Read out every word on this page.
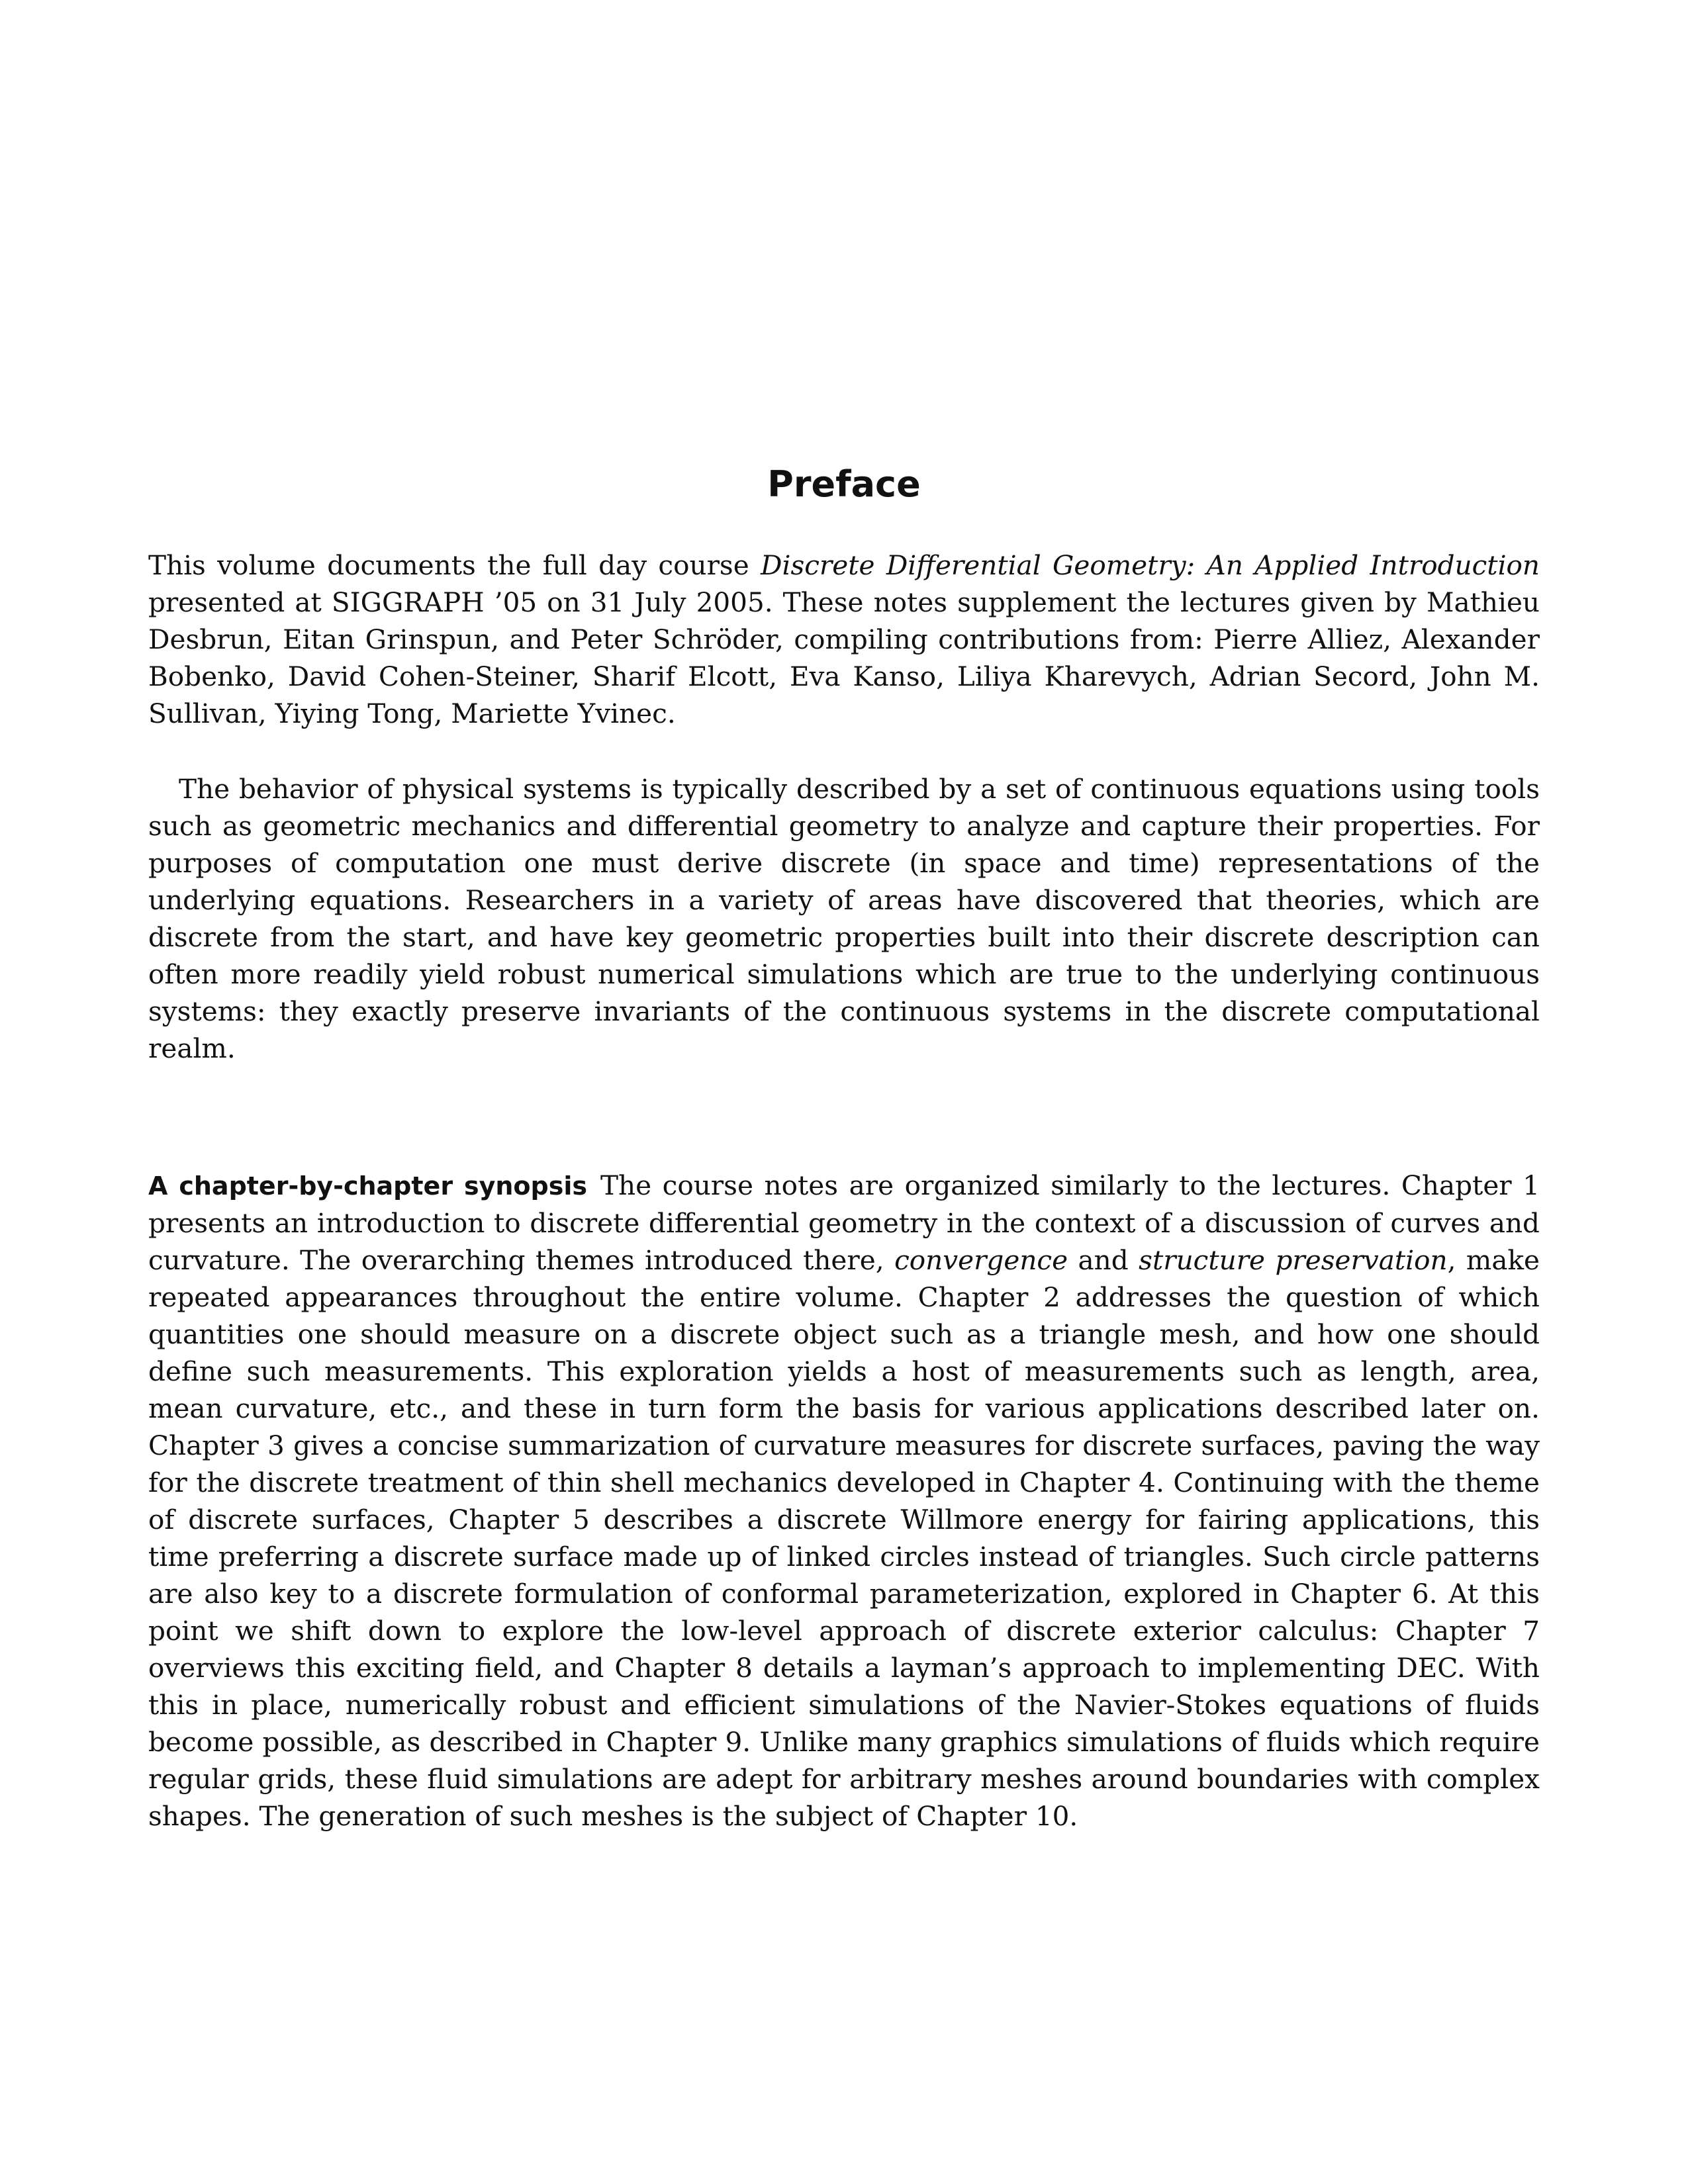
Preface

This volume documents the full day course Discrete Differential Geometry: An Applied Introduction presented at SIGGRAPH ’05 on 31 July 2005. These notes supplement the lectures given by Mathieu Desbrun, Eitan Grinspun, and Peter Schröder, compiling contributions from: Pierre Alliez, Alexander Bobenko, David Cohen-Steiner, Sharif Elcott, Eva Kanso, Liliya Kharevych, Adrian Secord, John M. Sullivan, Yiying Tong, Mariette Yvinec.

The behavior of physical systems is typically described by a set of continuous equations using tools such as geometric mechanics and differential geometry to analyze and capture their properties. For purposes of computation one must derive discrete (in space and time) representations of the underlying equations. Researchers in a variety of areas have discovered that theories, which are discrete from the start, and have key geometric properties built into their discrete description can often more readily yield robust numerical simulations which are true to the underlying continuous systems: they exactly preserve invariants of the continuous systems in the discrete computational realm.

A chapter-by-chapter synopsis The course notes are organized similarly to the lectures. Chapter 1 presents an introduction to discrete differential geometry in the context of a discussion of curves and curvature. The overarching themes introduced there, convergence and structure preservation, make repeated appearances throughout the entire volume. Chapter 2 addresses the question of which quantities one should measure on a discrete object such as a triangle mesh, and how one should define such measurements. This exploration yields a host of measurements such as length, area, mean curvature, etc., and these in turn form the basis for various applications described later on. Chapter 3 gives a concise summarization of curvature measures for discrete surfaces, paving the way for the discrete treatment of thin shell mechanics developed in Chapter 4. Continuing with the theme of discrete surfaces, Chapter 5 describes a discrete Willmore energy for fairing applications, this time preferring a discrete surface made up of linked circles instead of triangles. Such circle patterns are also key to a discrete formulation of conformal parameterization, explored in Chapter 6. At this point we shift down to explore the low-level approach of discrete exterior calculus: Chapter 7 overviews this exciting field, and Chapter 8 details a layman’s approach to implementing DEC. With this in place, numerically robust and efficient simulations of the Navier-Stokes equations of fluids become possible, as described in Chapter 9. Unlike many graphics simulations of fluids which require regular grids, these fluid simulations are adept for arbitrary meshes around boundaries with complex shapes. The generation of such meshes is the subject of Chapter 10.
